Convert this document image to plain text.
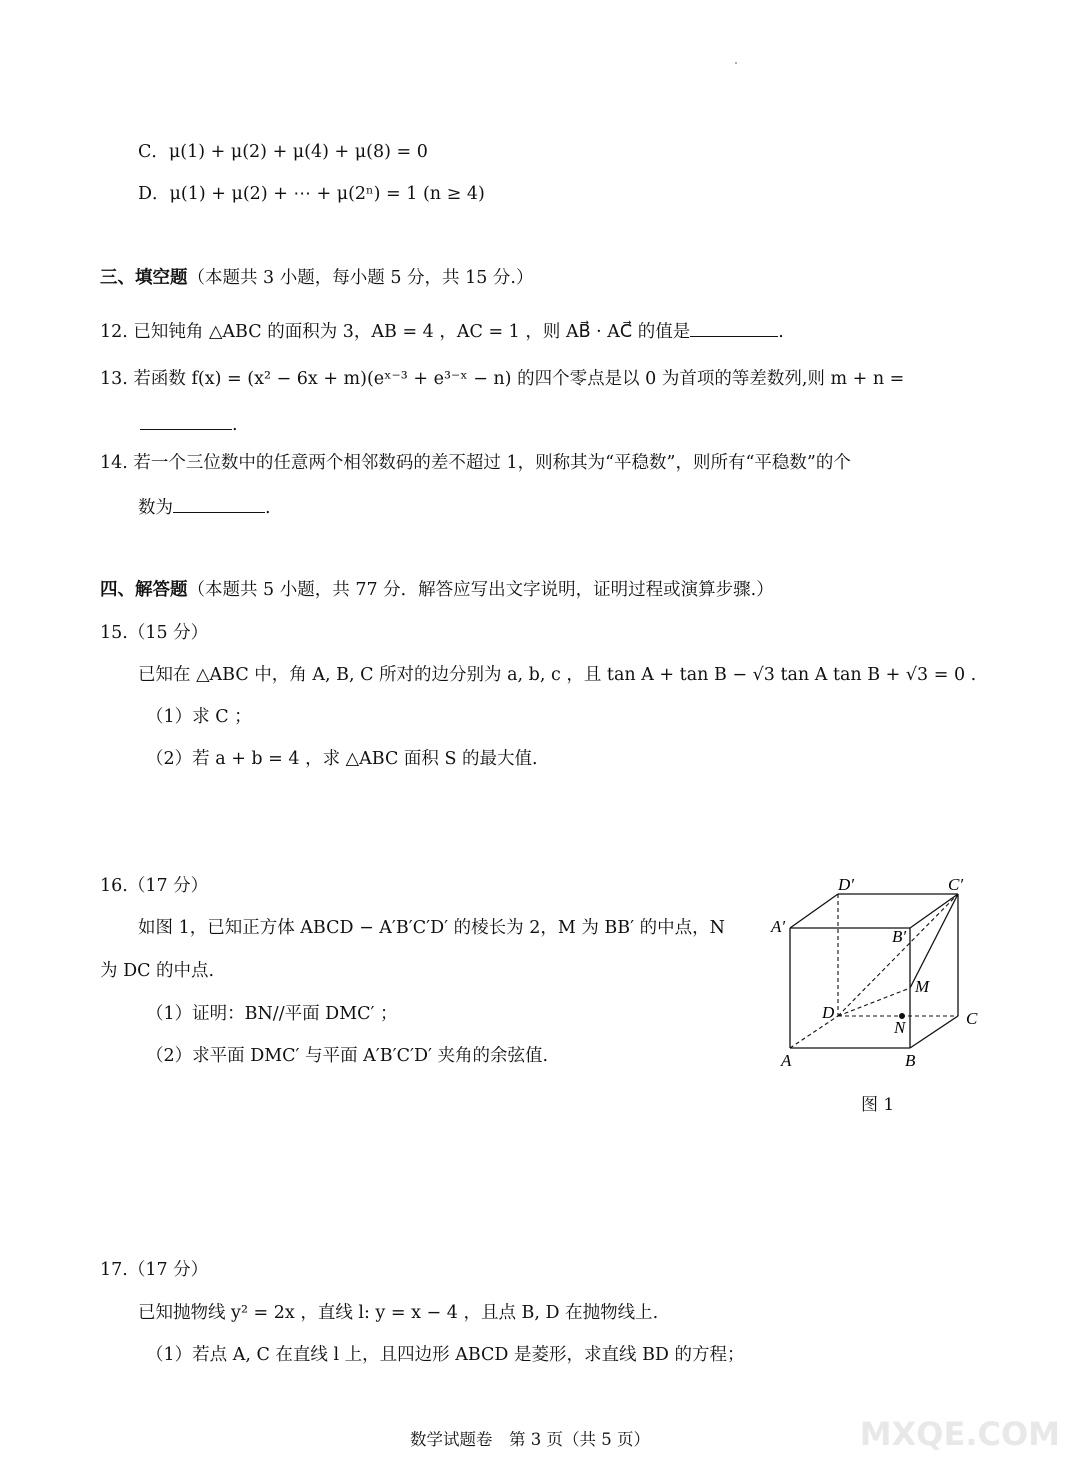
C．μ(1) + μ(2) + μ(4) + μ(8) = 0
D．μ(1) + μ(2) + ⋯ + μ(2ⁿ) = 1 (n ≥ 4)
三、填空题（本题共 3 小题，每小题 5 分，共 15 分.）
12. 已知钝角 △ABC 的面积为 3，AB = 4 ，AC = 1 ，则 AB⃗ · AC⃗ 的值是	.
13. 若函数 f(x) = (x² − 6x + m)(eˣ⁻³ + e³⁻ˣ − n) 的四个零点是以 0 为首项的等差数列,则 m + n =
.
14. 若一个三位数中的任意两个相邻数码的差不超过 1，则称其为“平稳数”，则所有“平稳数”的个
数为	.
四、解答题（本题共 5 小题，共 77 分．解答应写出文字说明，证明过程或演算步骤.）
15.（15 分）
已知在 △ABC 中，角 A, B, C 所对的边分别为 a, b, c ，且 tan A + tan B − √3 tan A tan B + √3 = 0 .
（1）求 C ；
（2）若 a + b = 4 ，求 △ABC 面积 S 的最大值.
16.（17 分）
如图 1，已知正方体 ABCD − A′B′C′D′ 的棱长为 2，M 为 BB′ 的中点，N
为 DC 的中点.
（1）证明：BN//平面 DMC′ ；
（2）求平面 DMC′ 与平面 A′B′C′D′ 夹角的余弦值.	A	B
C
D
A′
B′
C′
D′
M
N
图 1
17.（17 分）
已知抛物线 y² = 2x ，直线 l: y = x − 4 ，且点 B, D 在抛物线上.
（1）若点 A, C 在直线 l 上，且四边形 ABCD 是菱形，求直线 BD 的方程；
数学试题卷　第 3 页（共 5 页）	MXQE.COM
